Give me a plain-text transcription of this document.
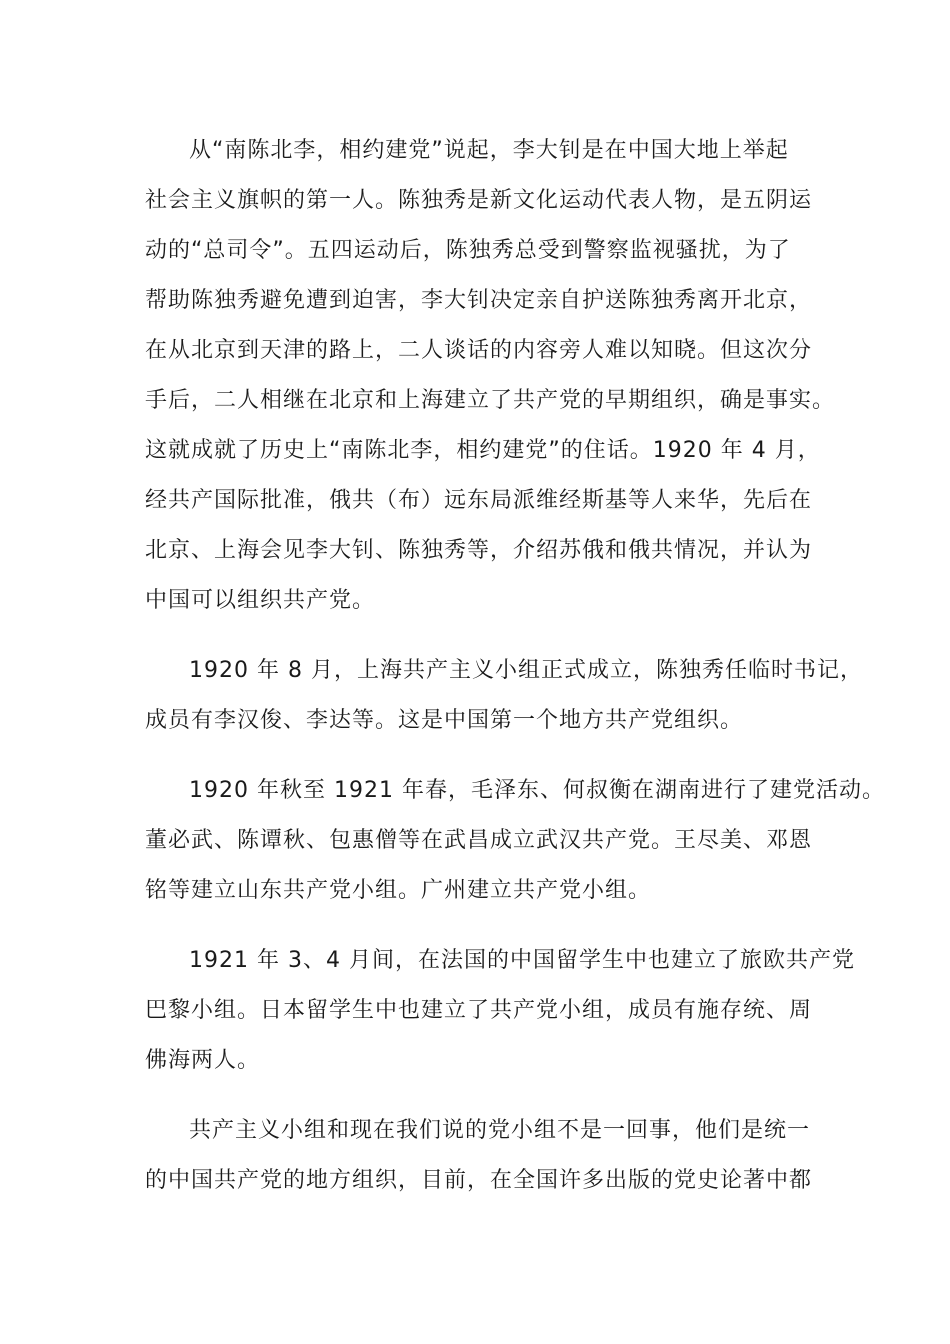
从“南陈北李，相约建党”说起，李大钊是在中国大地上举起

社会主义旗帜的第一人。陈独秀是新文化运动代表人物，是五阴运

动的“总司令”。五四运动后，陈独秀总受到警察监视骚扰，为了

帮助陈独秀避免遭到迫害，李大钊决定亲自护送陈独秀离开北京，

在从北京到天津的路上，二人谈话的内容旁人难以知晓。但这次分

手后，二人相继在北京和上海建立了共产党的早期组织，确是事实。

这就成就了历史上“南陈北李，相约建党”的住话。1920 年 4 月，

经共产国际批准，俄共（布）远东局派维经斯基等人来华，先后在

北京、上海会见李大钊、陈独秀等，介绍苏俄和俄共情况，并认为

中国可以组织共产党。

1920 年 8 月，上海共产主义小组正式成立，陈独秀任临时书记，

成员有李汉俊、李达等。这是中国第一个地方共产党组织。

1920 年秋至 1921 年春，毛泽东、何叔衡在湖南进行了建党活动。

董必武、陈谭秋、包惠僧等在武昌成立武汉共产党。王尽美、邓恩

铭等建立山东共产党小组。广州建立共产党小组。

1921 年 3、4 月间，在法国的中国留学生中也建立了旅欧共产党

巴黎小组。日本留学生中也建立了共产党小组，成员有施存统、周

佛海两人。

共产主义小组和现在我们说的党小组不是一回事，他们是统一

的中国共产党的地方组织，目前，在全国许多出版的党史论著中都
